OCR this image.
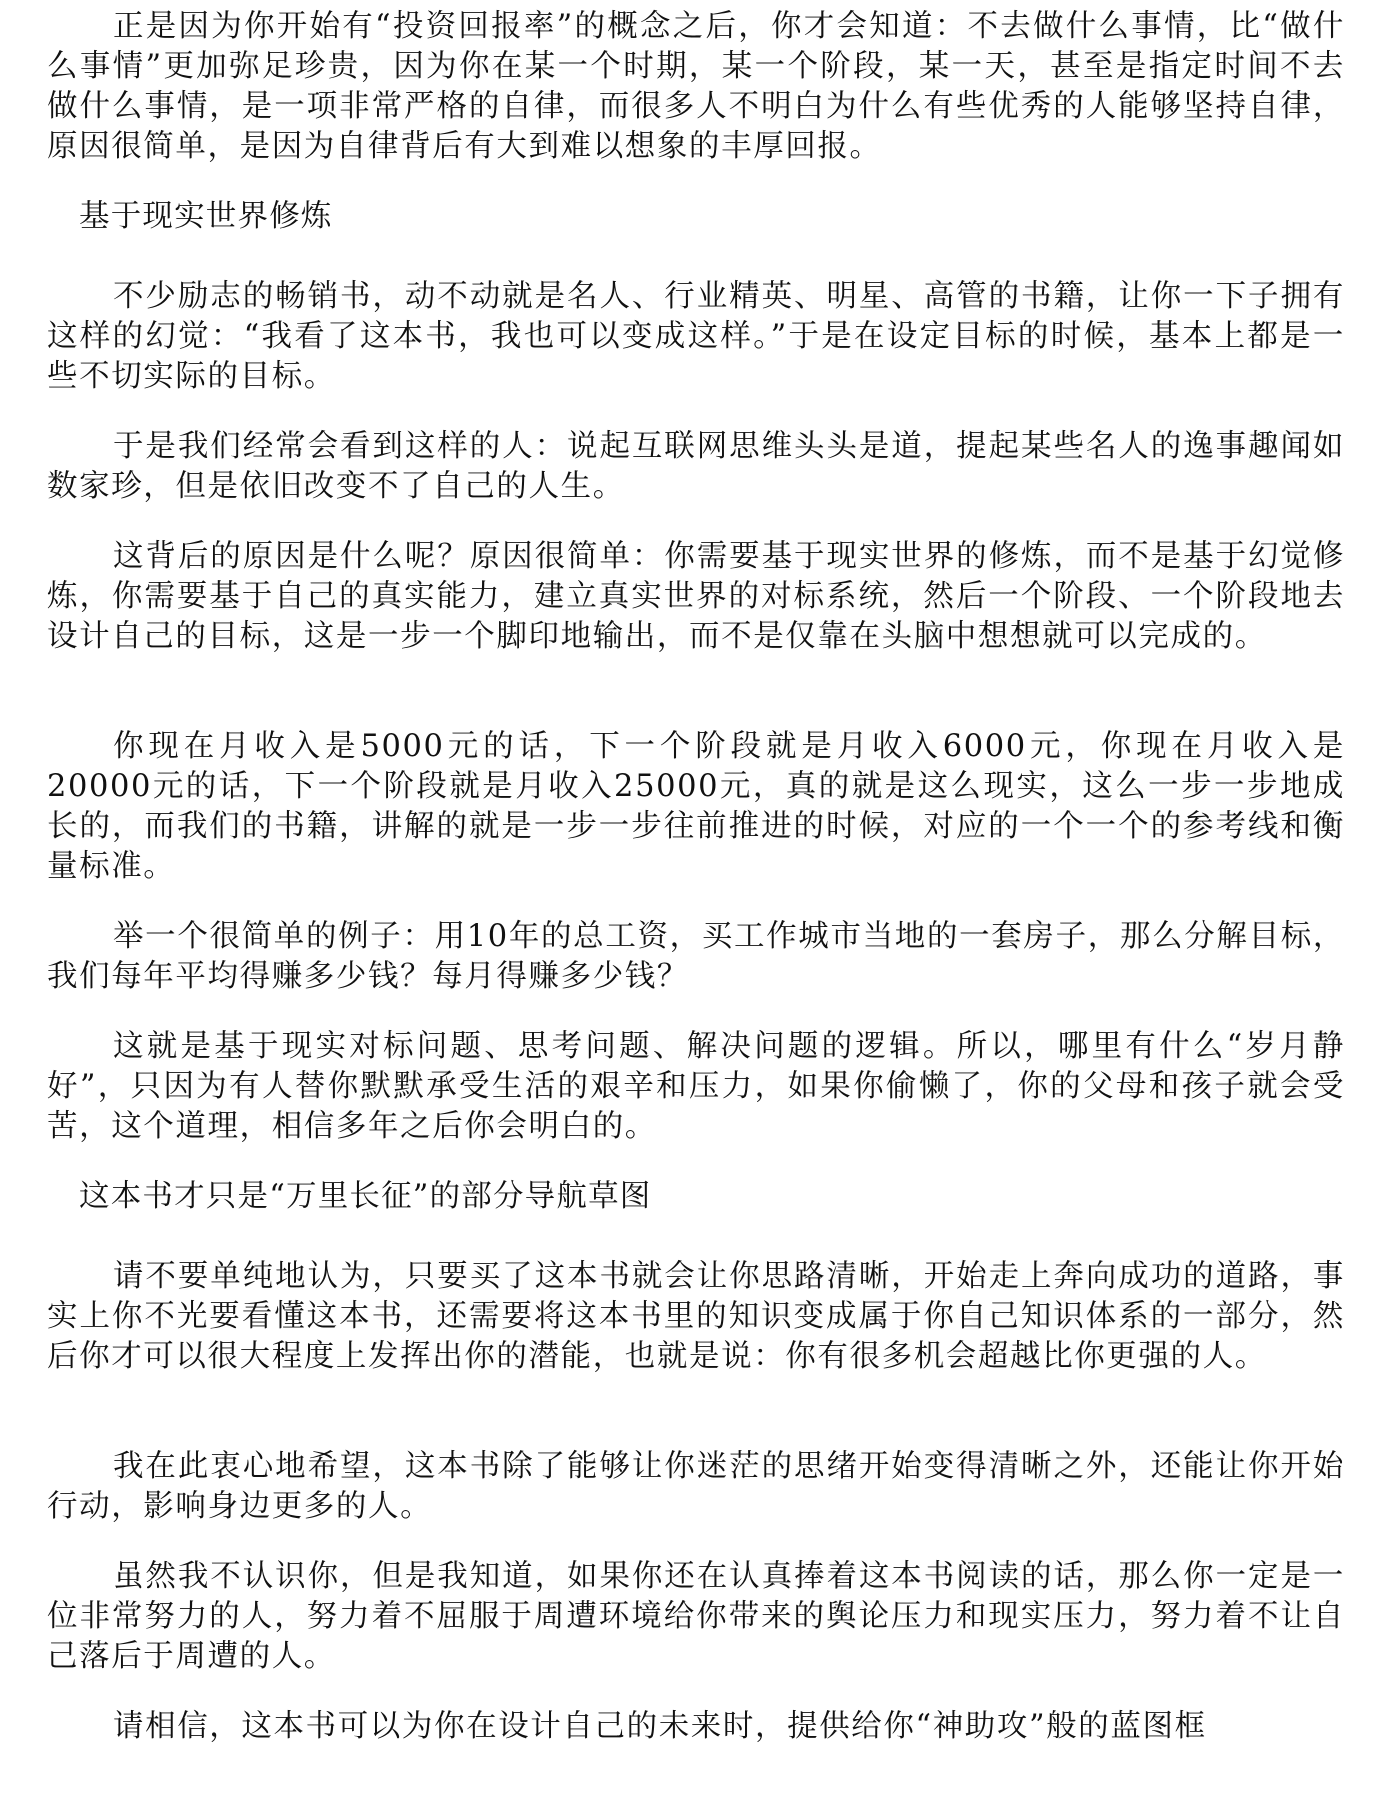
正是因为你开始有“投资回报率”的概念之后，你才会知道：不去做什么事情，比“做什么事情”更加弥足珍贵，因为你在某一个时期，某一个阶段，某一天，甚至是指定时间不去做什么事情，是一项非常严格的自律，而很多人不明白为什么有些优秀的人能够坚持自律，原因很简单，是因为自律背后有大到难以想象的丰厚回报。

基于现实世界修炼

不少励志的畅销书，动不动就是名人、行业精英、明星、高管的书籍，让你一下子拥有这样的幻觉：“我看了这本书，我也可以变成这样。”于是在设定目标的时候，基本上都是一些不切实际的目标。

于是我们经常会看到这样的人：说起互联网思维头头是道，提起某些名人的逸事趣闻如数家珍，但是依旧改变不了自己的人生。

这背后的原因是什么呢？原因很简单：你需要基于现实世界的修炼，而不是基于幻觉修炼，你需要基于自己的真实能力，建立真实世界的对标系统，然后一个阶段、一个阶段地去设计自己的目标，这是一步一个脚印地输出，而不是仅靠在头脑中想想就可以完成的。

你现在月收入是5000元的话，下一个阶段就是月收入6000元，你现在月收入是20000元的话，下一个阶段就是月收入25000元，真的就是这么现实，这么一步一步地成长的，而我们的书籍，讲解的就是一步一步往前推进的时候，对应的一个一个的参考线和衡量标准。

举一个很简单的例子：用10年的总工资，买工作城市当地的一套房子，那么分解目标，我们每年平均得赚多少钱？每月得赚多少钱？

这就是基于现实对标问题、思考问题、解决问题的逻辑。所以，哪里有什么“岁月静好”，只因为有人替你默默承受生活的艰辛和压力，如果你偷懒了，你的父母和孩子就会受苦，这个道理，相信多年之后你会明白的。

这本书才只是“万里长征”的部分导航草图

请不要单纯地认为，只要买了这本书就会让你思路清晰，开始走上奔向成功的道路，事实上你不光要看懂这本书，还需要将这本书里的知识变成属于你自己知识体系的一部分，然后你才可以很大程度上发挥出你的潜能，也就是说：你有很多机会超越比你更强的人。

我在此衷心地希望，这本书除了能够让你迷茫的思绪开始变得清晰之外，还能让你开始行动，影响身边更多的人。

虽然我不认识你，但是我知道，如果你还在认真捧着这本书阅读的话，那么你一定是一位非常努力的人，努力着不屈服于周遭环境给你带来的舆论压力和现实压力，努力着不让自己落后于周遭的人。

请相信，这本书可以为你在设计自己的未来时，提供给你“神助攻”般的蓝图框
